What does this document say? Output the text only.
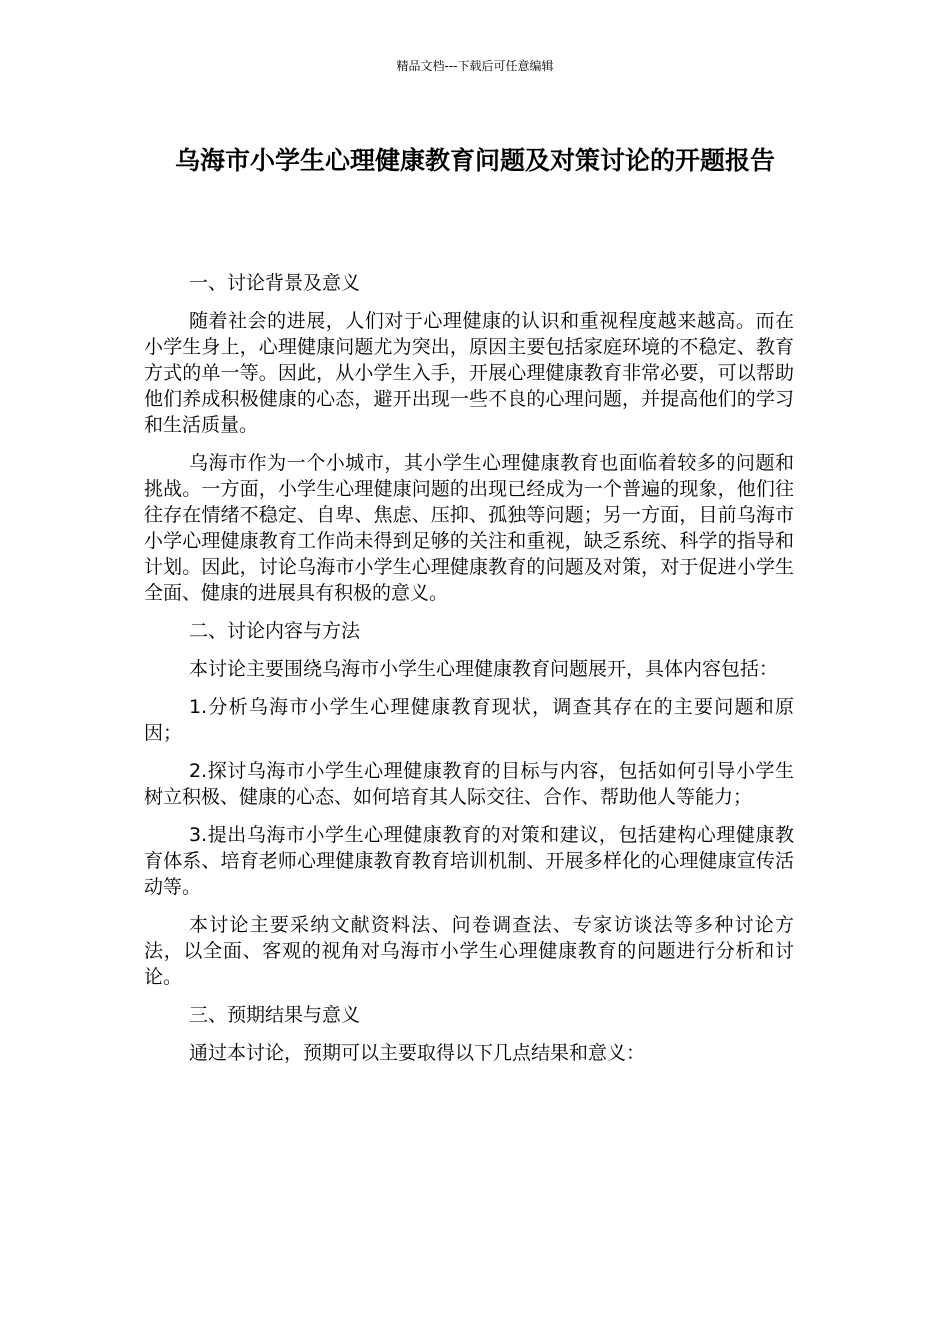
精品文档---下载后可任意编辑
乌海市小学生心理健康教育问题及对策讨论的开题报告

一、讨论背景及意义

随着社会的进展，人们对于心理健康的认识和重视程度越来越高。而在小学生身上，心理健康问题尤为突出，原因主要包括家庭环境的不稳定、教育方式的单一等。因此，从小学生入手，开展心理健康教育非常必要，可以帮助他们养成积极健康的心态，避开出现一些不良的心理问题，并提高他们的学习和生活质量。

乌海市作为一个小城市，其小学生心理健康教育也面临着较多的问题和挑战。一方面，小学生心理健康问题的出现已经成为一个普遍的现象，他们往往存在情绪不稳定、自卑、焦虑、压抑、孤独等问题；另一方面，目前乌海市小学心理健康教育工作尚未得到足够的关注和重视，缺乏系统、科学的指导和计划。因此，讨论乌海市小学生心理健康教育的问题及对策，对于促进小学生全面、健康的进展具有积极的意义。

二、讨论内容与方法

本讨论主要围绕乌海市小学生心理健康教育问题展开，具体内容包括：

1.分析乌海市小学生心理健康教育现状，调查其存在的主要问题和原因；

2.探讨乌海市小学生心理健康教育的目标与内容，包括如何引导小学生树立积极、健康的心态、如何培育其人际交往、合作、帮助他人等能力；

3.提出乌海市小学生心理健康教育的对策和建议，包括建构心理健康教育体系、培育老师心理健康教育教育培训机制、开展多样化的心理健康宣传活动等。

本讨论主要采纳文献资料法、问卷调查法、专家访谈法等多种讨论方法，以全面、客观的视角对乌海市小学生心理健康教育的问题进行分析和讨论。

三、预期结果与意义

通过本讨论，预期可以主要取得以下几点结果和意义：
